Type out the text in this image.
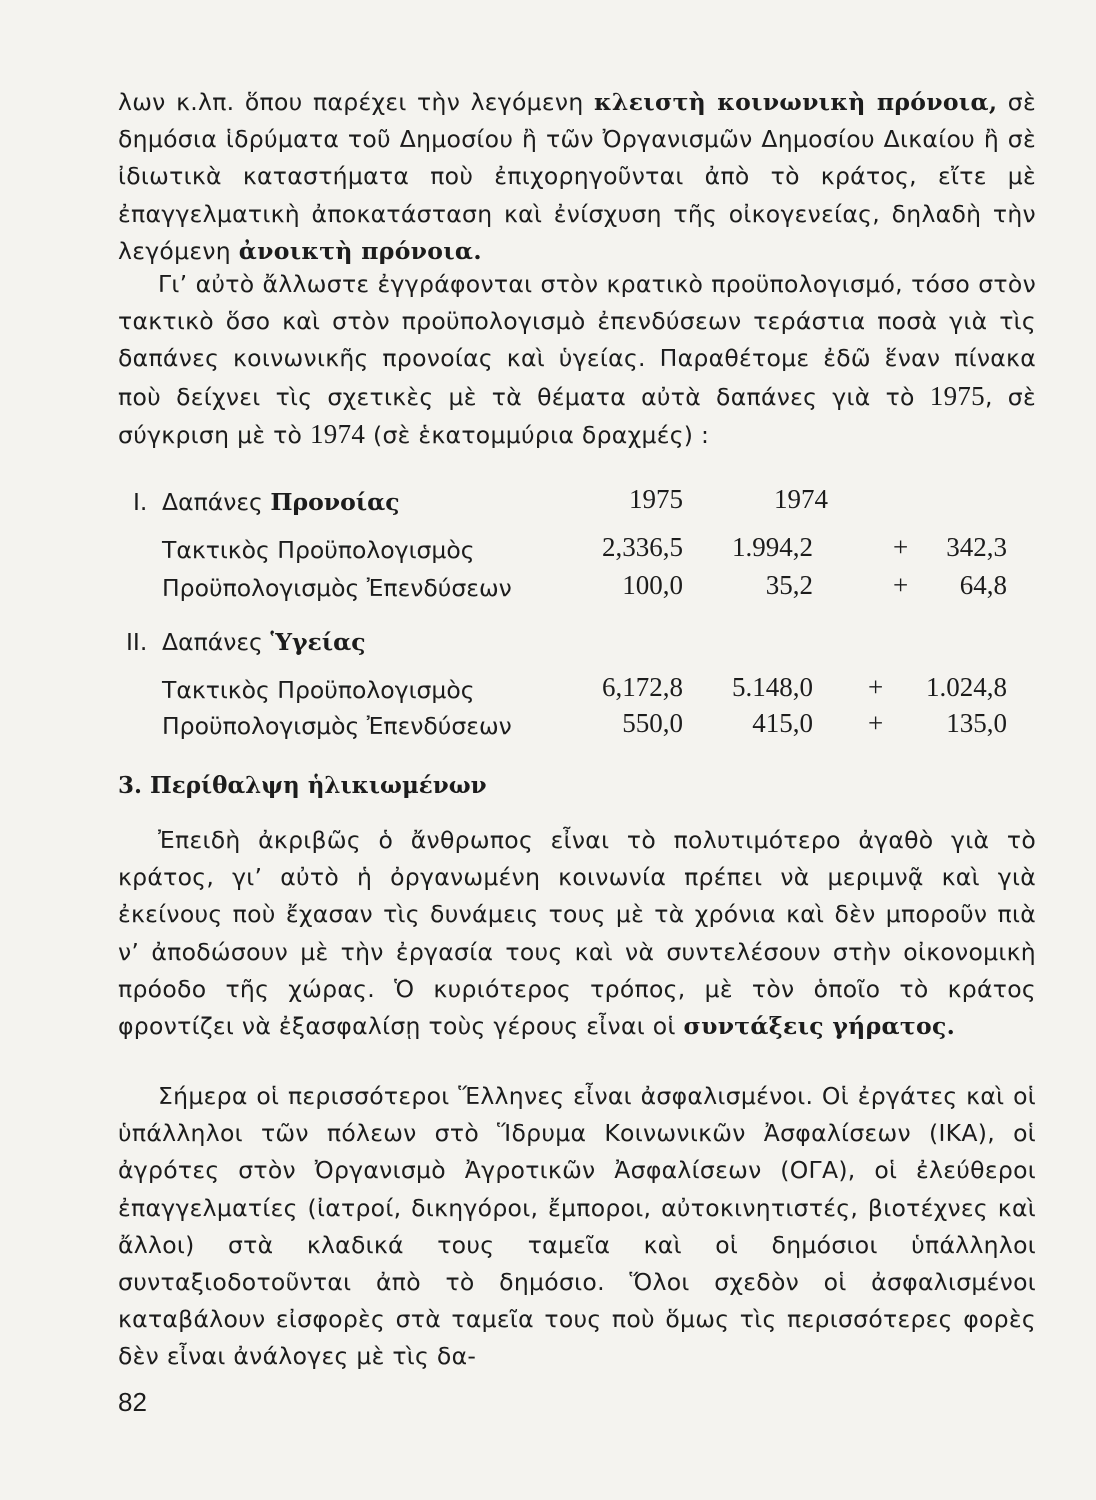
λων κ.λπ. ὅπου παρέχει τὴν λεγόμενη κλειστὴ κοινωνικὴ πρόνοια, σὲ δημόσια ἱδρύματα τοῦ Δημοσίου ἢ τῶν Ὀργανισμῶν Δημοσίου Δικαίου ἢ σὲ ἰδιωτικὰ καταστήματα ποὺ ἐπιχορηγοῦνται ἀπὸ τὸ κράτος, εἴτε μὲ ἐπαγγελματικὴ ἀποκατάσταση καὶ ἐνίσχυση τῆς οἰκογενείας, δηλαδὴ τὴν λεγόμενη ἀνοικτὴ πρόνοια.

Γι’ αὐτὸ ἄλλωστε ἐγγράφονται στὸν κρατικὸ προϋπολογισμό, τόσο στὸν τακτικὸ ὅσο καὶ στὸν προϋπολογισμὸ ἐπενδύσεων τεράστια ποσὰ γιὰ τὶς δαπάνες κοινωνικῆς προνοίας καὶ ὑγείας. Παραθέτομε ἐδῶ ἕναν πίνακα ποὺ δείχνει τὶς σχετικὲς μὲ τὰ θέματα αὐτὰ δαπάνες γιὰ τὸ 1975, σὲ σύγκριση μὲ τὸ 1974 (σὲ ἑκατομμύρια δραχμές) :

I. Δαπάνες Προνοίας	1975	1974
Τακτικὸς Προϋπολογισμὸς	2,336,5	1.994,2	+	342,3
Προϋπολογισμὸς Ἐπενδύσεων	100,0	35,2	+	64,8
II. Δαπάνες Ὑγείας
Τακτικὸς Προϋπολογισμὸς	6,172,8	5.148,0 +	1.024,8
Προϋπολογισμὸς Ἐπενδύσεων	550,0	415,0 +	135,0
3. Περίθαλψη ἡλικιωμένων

Ἐπειδὴ ἀκριβῶς ὁ ἄνθρωπος εἶναι τὸ πολυτιμότερο ἀγαθὸ γιὰ τὸ κράτος, γι’ αὐτὸ ἡ ὀργανωμένη κοινωνία πρέπει νὰ μεριμνᾷ καὶ γιὰ ἐκείνους ποὺ ἔχασαν τὶς δυνάμεις τους μὲ τὰ χρόνια καὶ δὲν μποροῦν πιὰ ν’ ἀποδώσουν μὲ τὴν ἐργασία τους καὶ νὰ συντελέσουν στὴν οἰκονομικὴ πρόοδο τῆς χώρας. Ὁ κυριότερος τρόπος, μὲ τὸν ὁποῖο τὸ κράτος φροντίζει νὰ ἐξασφαλίσῃ τοὺς γέρους εἶναι οἱ συντάξεις γήρατος.

Σήμερα οἱ περισσότεροι Ἕλληνες εἶναι ἀσφαλισμένοι. Οἱ ἐργάτες καὶ οἱ ὑπάλληλοι τῶν πόλεων στὸ Ἵδρυμα Κοινωνικῶν Ἀσφαλίσεων (ΙΚΑ), οἱ ἀγρότες στὸν Ὀργανισμὸ Ἀγροτικῶν Ἀσφαλίσεων (ΟΓΑ), οἱ ἐλεύθεροι ἐπαγγελματίες (ἰατροί, δικηγόροι, ἔμποροι, αὐτοκινητιστές, βιοτέχνες καὶ ἄλλοι) στὰ κλαδικά τους ταμεῖα καὶ οἱ δημόσιοι ὑπάλληλοι συνταξιοδοτοῦνται ἀπὸ τὸ δημόσιο. Ὅλοι σχεδὸν οἱ ἀσφαλισμένοι καταβάλουν εἰσφορὲς στὰ ταμεῖα τους ποὺ ὅμως τὶς περισσότερες φορὲς δὲν εἶναι ἀνάλογες μὲ τὶς δα-

82
